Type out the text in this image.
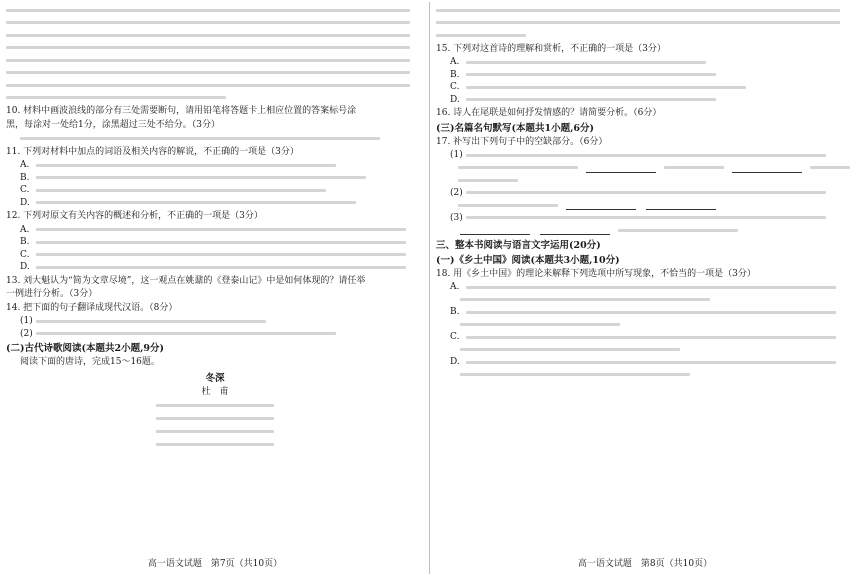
10. 材料中画波浪线的部分有三处需要断句，请用铅笔将答题卡上相应位置的答案标号涂
黑，每涂对一处给1分，涂黑超过三处不给分。（3分）
11. 下列对材料中加点的词语及相关内容的解说，不正确的一项是（3分）
A.
B.
C.
D.
12. 下列对原文有关内容的概述和分析，不正确的一项是（3分）
A.
B.
C.
D.
13. 刘大魁认为“简为文章尽境”，这一观点在姚鼐的《登泰山记》中是如何体现的？请任举
一例进行分析。（3分）
14. 把下面的句子翻译成现代汉语。（8分）
(1)
(2)
(二)古代诗歌阅读(本题共2小题,9分)
阅读下面的唐诗，完成15～16题。
冬深
杜　甫
高一语文试题　第7页（共10页）
15. 下列对这首诗的理解和赏析，不正确的一项是（3分）
A.
B.
C.
D.
16. 诗人在尾联是如何抒发情感的？请简要分析。（6分）
(三)名篇名句默写(本题共1小题,6分)
17. 补写出下列句子中的空缺部分。（6分）
(1)
(2)
(3)
三、整本书阅读与语言文字运用(20分)
(一)《乡土中国》阅读(本题共3小题,10分)
18. 用《乡土中国》的理论来解释下列选项中所写现象，不恰当的一项是（3分）
A.
B.
C.
D.
高一语文试题　第8页（共10页）
